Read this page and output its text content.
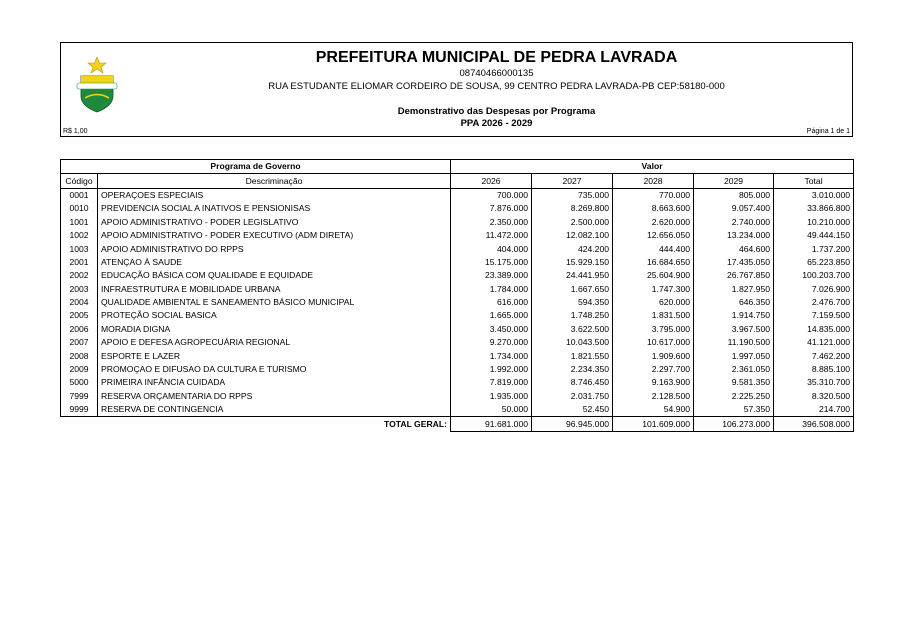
PREFEITURA MUNICIPAL DE PEDRA LAVRADA
08740466000135
RUA ESTUDANTE ELIOMAR CORDEIRO DE SOUSA, 99 CENTRO PEDRA LAVRADA-PB CEP:58180-000
Demonstrativo das Despesas por Programa
PPA 2026 - 2029
R$ 1,00	Página 1 de 1
Programa de Governo		Valor				
Código	Descriminação	2026	2027	2028	2029	Total
0001	OPERAÇOES ESPECIAIS	700.000	735.000	770.000	805.000	3.010.000
0010	PREVIDENCIA SOCIAL A INATIVOS E PENSIONISAS	7.876.000	8.269.800	8.663.600	9.057.400	33.866.800
1001	APOIO ADMINISTRATIVO - PODER LEGISLATIVO	2.350.000	2.500.000	2.620.000	2.740.000	10.210.000
1002	APOIO ADMINISTRATIVO - PODER EXECUTIVO (ADM DIRETA)	11.472.000	12.082.100	12.656.050	13.234.000	49.444.150
1003	APOIO ADMINISTRATIVO DO RPPS	404.000	424.200	444.400	464.600	1.737.200
2001	ATENÇAO À SAUDE	15.175.000	15.929.150	16.684.650	17.435.050	65.223.850
2002	EDUCAÇÃO BÁSICA COM QUALIDADE E EQUIDADE	23.389.000	24.441.950	25.604.900	26.767.850	100.203.700
2003	INFRAESTRUTURA E MOBILIDADE URBANA	1.784.000	1.667.650	1.747.300	1.827.950	7.026.900
2004	QUALIDADE AMBIENTAL E SANEAMENTO BÁSICO MUNICIPAL	616.000	594.350	620.000	646.350	2.476.700
2005	PROTEÇÃO SOCIAL BASICA	1.665.000	1.748.250	1.831.500	1.914.750	7.159.500
2006	MORADIA DIGNA	3.450.000	3.622.500	3.795.000	3.967.500	14.835.000
2007	APOIO E DEFESA AGROPECUÁRIA REGIONAL	9.270.000	10.043.500	10.617.000	11.190.500	41.121.000
2008	ESPORTE E LAZER	1.734.000	1.821.550	1.909.600	1.997.050	7.462.200
2009	PROMOÇAO E DIFUSAO DA CULTURA E TURISMO	1.992.000	2.234.350	2.297.700	2.361.050	8.885.100
5000	PRIMEIRA INFÂNCIA CUIDADA	7.819.000	8.746.450	9.163.900	9.581.350	35.310.700
7999	RESERVA ORÇAMENTARIA DO RPPS	1.935.000	2.031.750	2.128.500	2.225.250	8.320.500
9999	RESERVA DE CONTINGENCIA	50.000	52.450	54.900	57.350	214.700
	TOTAL GERAL:	91.681.000	96.945.000	101.609.000	106.273.000	396.508.000
